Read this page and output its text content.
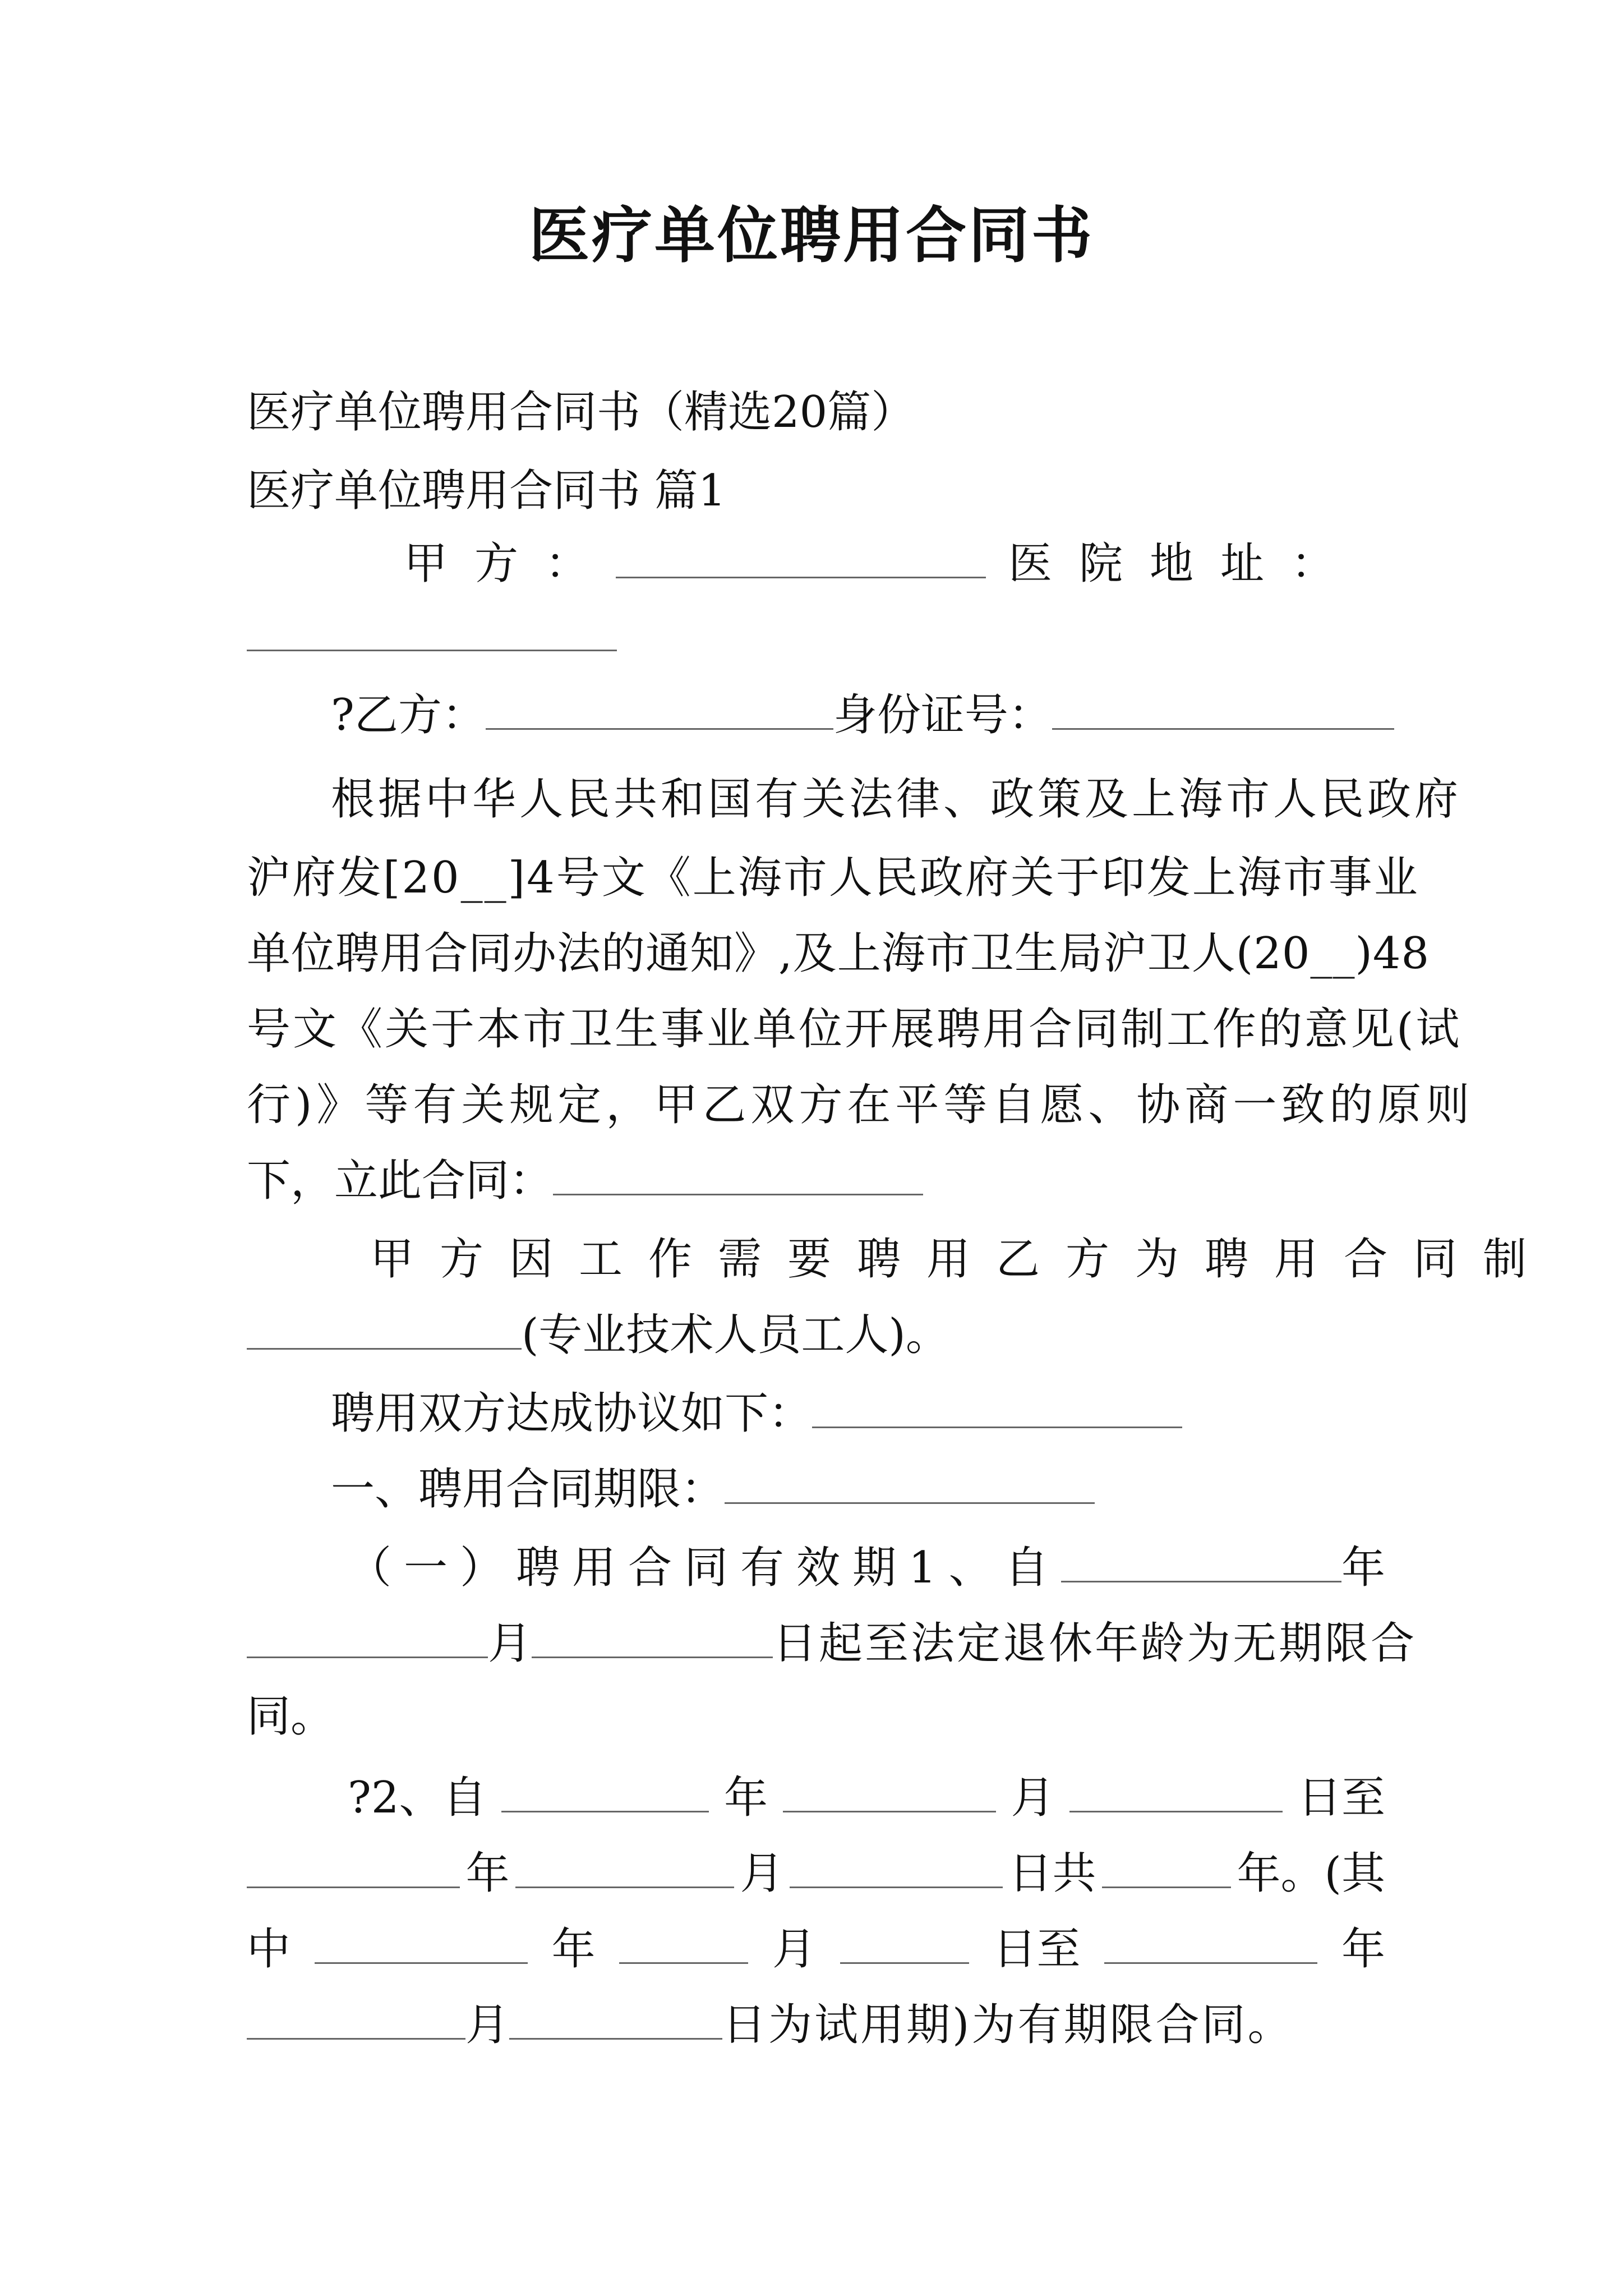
医疗单位聘用合同书
医疗单位聘用合同书（精选20篇）
医疗单位聘用合同书 篇1
甲方：	医院地址：
?乙方：	身份证号：
根据中华人民共和国有关法律、政策及上海市人民政府
沪府发[20__]4号文《上海市人民政府关于印发上海市事业
单位聘用合同办法的通知》,及上海市卫生局沪卫人(20__)48
号文《关于本市卫生事业单位开展聘用合同制工作的意见(试
行)》等有关规定，甲乙双方在平等自愿、协商一致的原则
下，立此合同：
甲方因工作需要聘用乙方为聘用合同制
(专业技术人员工人)。
聘用双方达成协议如下：
一、聘用合同期限：
（一）聘用合同有效期1、自	年
月	日起至法定退休年龄为无期限合
同。
?2、自	年	月	日至
年	月	日共	年。(其
中	年	月	日至	年
月	日为试用期)为有期限合同。
